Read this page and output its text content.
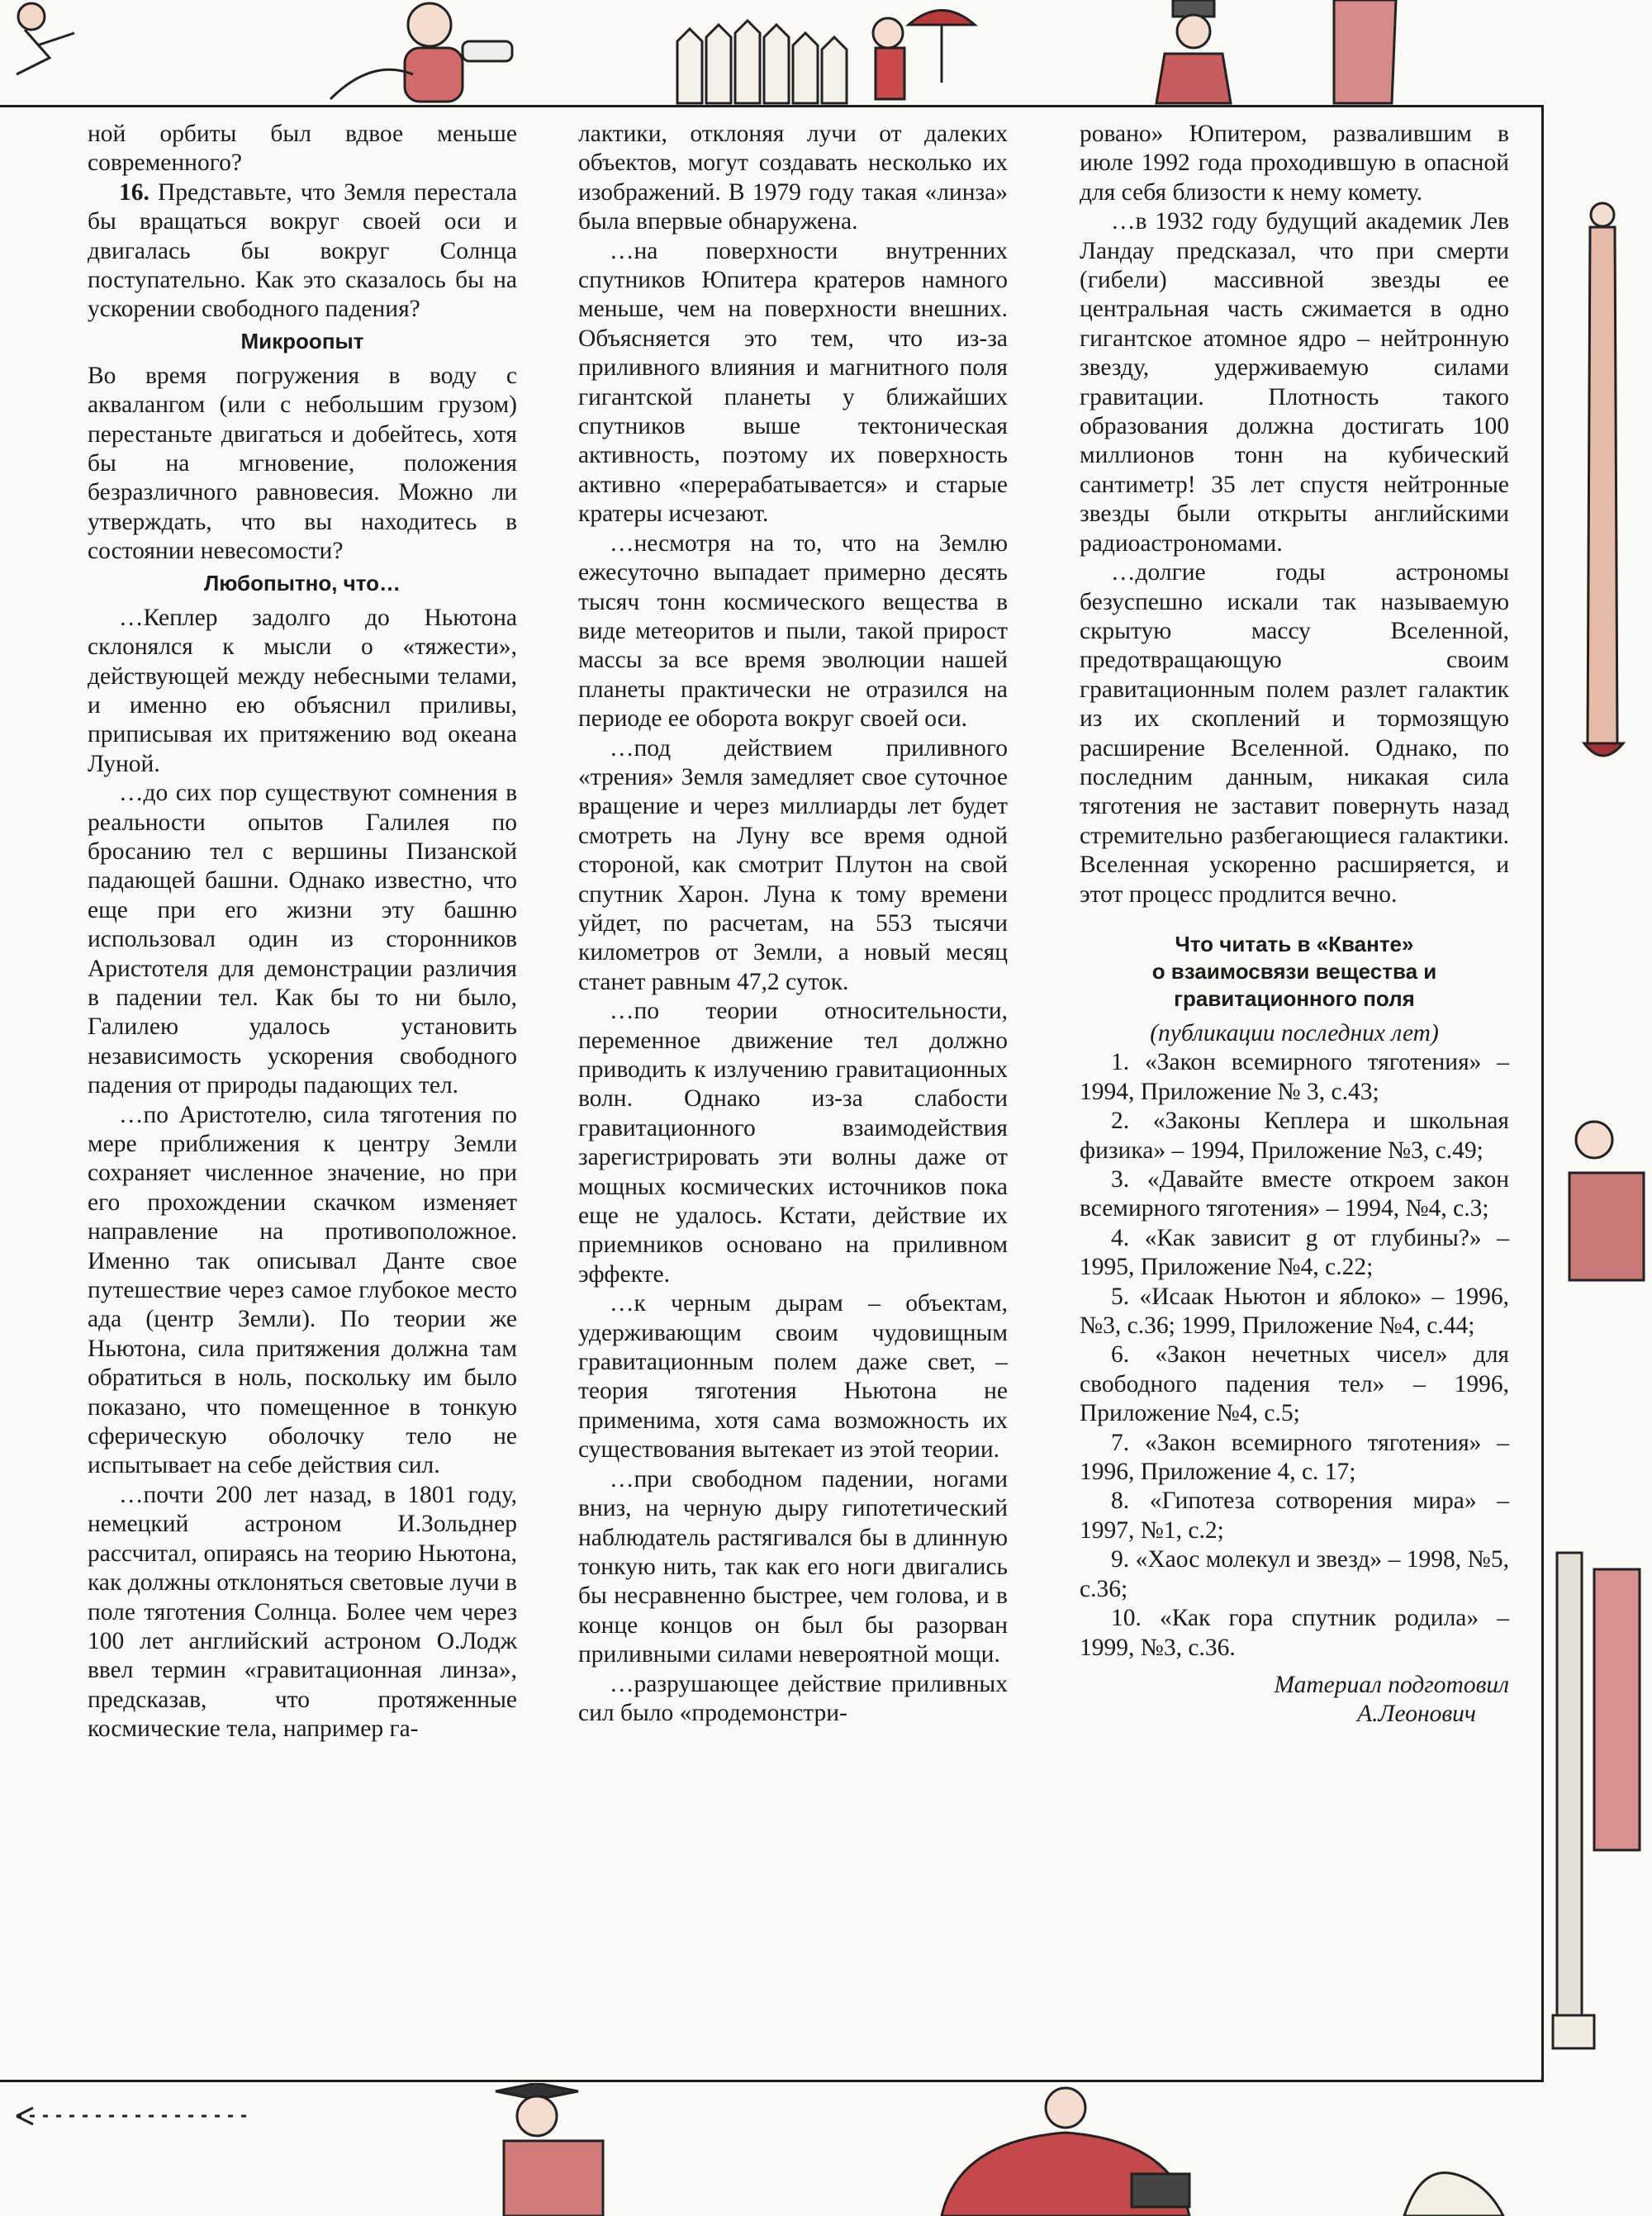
ной орбиты был вдвое меньше современного?

16. Представьте, что Земля перестала бы вращаться вокруг своей оси и двигалась бы вокруг Солнца поступательно. Как это сказалось бы на ускорении свободного падения?

Микроопыт

Во время погружения в воду с аквалангом (или с небольшим грузом) перестаньте двигаться и добейтесь, хотя бы на мгновение, положения безразличного равновесия. Можно ли утверждать, что вы находитесь в состоянии невесомости?

Любопытно, что…

…Кеплер задолго до Ньютона склонялся к мысли о «тяжести», действующей между небесными телами, и именно ею объяснил приливы, приписывая их притяжению вод океана Луной.

…до сих пор существуют сомнения в реальности опытов Галилея по бросанию тел с вершины Пизанской падающей башни. Однако известно, что еще при его жизни эту башню использовал один из сторонников Аристотеля для демонстрации различия в падении тел. Как бы то ни было, Галилею удалось установить независимость ускорения свободного падения от природы падающих тел.

…по Аристотелю, сила тяготения по мере приближения к центру Земли сохраняет численное значение, но при его прохождении скачком изменяет направление на противоположное. Именно так описывал Данте свое путешествие через самое глубокое место ада (центр Земли). По теории же Ньютона, сила притяжения должна там обратиться в ноль, поскольку им было показано, что помещенное в тонкую сферическую оболочку тело не испытывает на себе действия сил.

…почти 200 лет назад, в 1801 году, немецкий астроном И.Зольднер рассчитал, опираясь на теорию Ньютона, как должны отклоняться световые лучи в поле тяготения Солнца. Более чем через 100 лет английский астроном О.Лодж ввел термин «гравитационная линза», предсказав, что протяженные космические тела, например га-

лактики, отклоняя лучи от далеких объектов, могут создавать несколько их изображений. В 1979 году такая «линза» была впервые обнаружена.

…на поверхности внутренних спутников Юпитера кратеров намного меньше, чем на поверхности внешних. Объясняется это тем, что из-за приливного влияния и магнитного поля гигантской планеты у ближайших спутников выше тектоническая активность, поэтому их поверхность активно «перерабатывается» и старые кратеры исчезают.

…несмотря на то, что на Землю ежесуточно выпадает примерно десять тысяч тонн космического вещества в виде метеоритов и пыли, такой прирост массы за все время эволюции нашей планеты практически не отразился на периоде ее оборота вокруг своей оси.

…под действием приливного «трения» Земля замедляет свое суточное вращение и через миллиарды лет будет смотреть на Луну все время одной стороной, как смотрит Плутон на свой спутник Харон. Луна к тому времени уйдет, по расчетам, на 553 тысячи километров от Земли, а новый месяц станет равным 47,2 суток.

…по теории относительности, переменное движение тел должно приводить к излучению гравитационных волн. Однако из-за слабости гравитационного взаимодействия зарегистрировать эти волны даже от мощных космических источников пока еще не удалось. Кстати, действие их приемников основано на приливном эффекте.

…к черным дырам – объектам, удерживающим своим чудовищным гравитационным полем даже свет, – теория тяготения Ньютона не применима, хотя сама возможность их существования вытекает из этой теории.

…при свободном падении, ногами вниз, на черную дыру гипотетический наблюдатель растягивался бы в длинную тонкую нить, так как его ноги двигались бы несравненно быстрее, чем голова, и в конце концов он был бы разорван приливными силами невероятной мощи.

…разрушающее действие приливных сил было «продемонстри-

ровано» Юпитером, развалившим в июле 1992 года проходившую в опасной для себя близости к нему комету.

…в 1932 году будущий академик Лев Ландау предсказал, что при смерти (гибели) массивной звезды ее центральная часть сжимается в одно гигантское атомное ядро – нейтронную звезду, удерживаемую силами гравитации. Плотность такого образования должна достигать 100 миллионов тонн на кубический сантиметр! 35 лет спустя нейтронные звезды были открыты английскими радиоастрономами.

…долгие годы астрономы безуспешно искали так называемую скрытую массу Вселенной, предотвращающую своим гравитационным полем разлет галактик из их скоплений и тормозящую расширение Вселенной. Однако, по последним данным, никакая сила тяготения не заставит повернуть назад стремительно разбегающиеся галактики. Вселенная ускоренно расширяется, и этот процесс продлится вечно.

Что читать в «Кванте»
о взаимосвязи вещества и
гравитационного поля

(публикации последних лет)

1. «Закон всемирного тяготения» – 1994, Приложение № 3, с.43;

2. «Законы Кеплера и школьная физика» – 1994, Приложение №3, с.49;

3. «Давайте вместе откроем закон всемирного тяготения» – 1994, №4, с.3;

4. «Как зависит g от глубины?» – 1995, Приложение №4, с.22;

5. «Исаак Ньютон и яблоко» – 1996, №3, с.36; 1999, Приложение №4, с.44;

6. «Закон нечетных чисел» для свободного падения тел» – 1996, Приложение №4, с.5;

7. «Закон всемирного тяготения» – 1996, Приложение 4, с. 17;

8. «Гипотеза сотворения мира» – 1997, №1, с.2;

9. «Хаос молекул и звезд» – 1998, №5, с.36;

10. «Как гора спутник родила» – 1999, №3, с.36.

Материал подготовил
А.Леонович
